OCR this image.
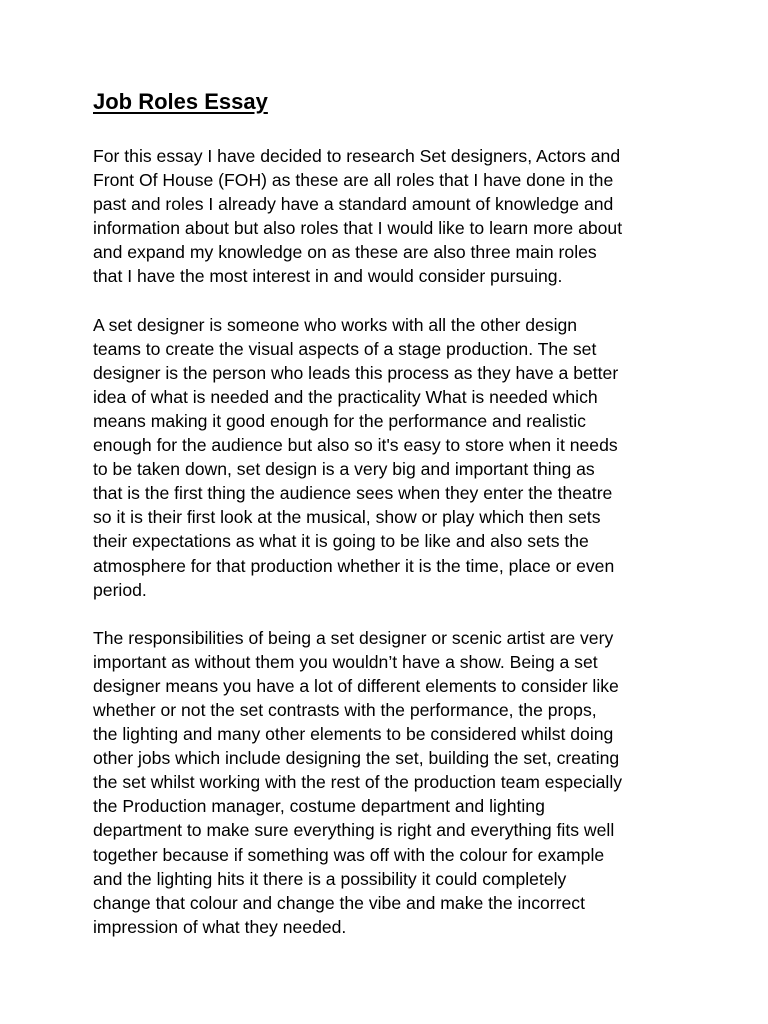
Job Roles Essay

For this essay I have decided to research Set designers, Actors and
Front Of House (FOH) as these are all roles that I have done in the
past and roles I already have a standard amount of knowledge and
information about but also roles that I would like to learn more about
and expand my knowledge on as these are also three main roles
that I have the most interest in and would consider pursuing.

A set designer is someone who works with all the other design
teams to create the visual aspects of a stage production. The set
designer is the person who leads this process as they have a better
idea of what is needed and the practicality What is needed which
means making it good enough for the performance and realistic
enough for the audience but also so it's easy to store when it needs
to be taken down, set design is a very big and important thing as
that is the first thing the audience sees when they enter the theatre
so it is their first look at the musical, show or play which then sets
their expectations as what it is going to be like and also sets the
atmosphere for that production whether it is the time, place or even
period.

The responsibilities of being a set designer or scenic artist are very
important as without them you wouldn’t have a show. Being a set
designer means you have a lot of different elements to consider like
whether or not the set contrasts with the performance, the props,
the lighting and many other elements to be considered whilst doing
other jobs which include designing the set, building the set, creating
the set whilst working with the rest of the production team especially
the Production manager, costume department and lighting
department to make sure everything is right and everything fits well
together because if something was off with the colour for example
and the lighting hits it there is a possibility it could completely
change that colour and change the vibe and make the incorrect
impression of what they needed.
